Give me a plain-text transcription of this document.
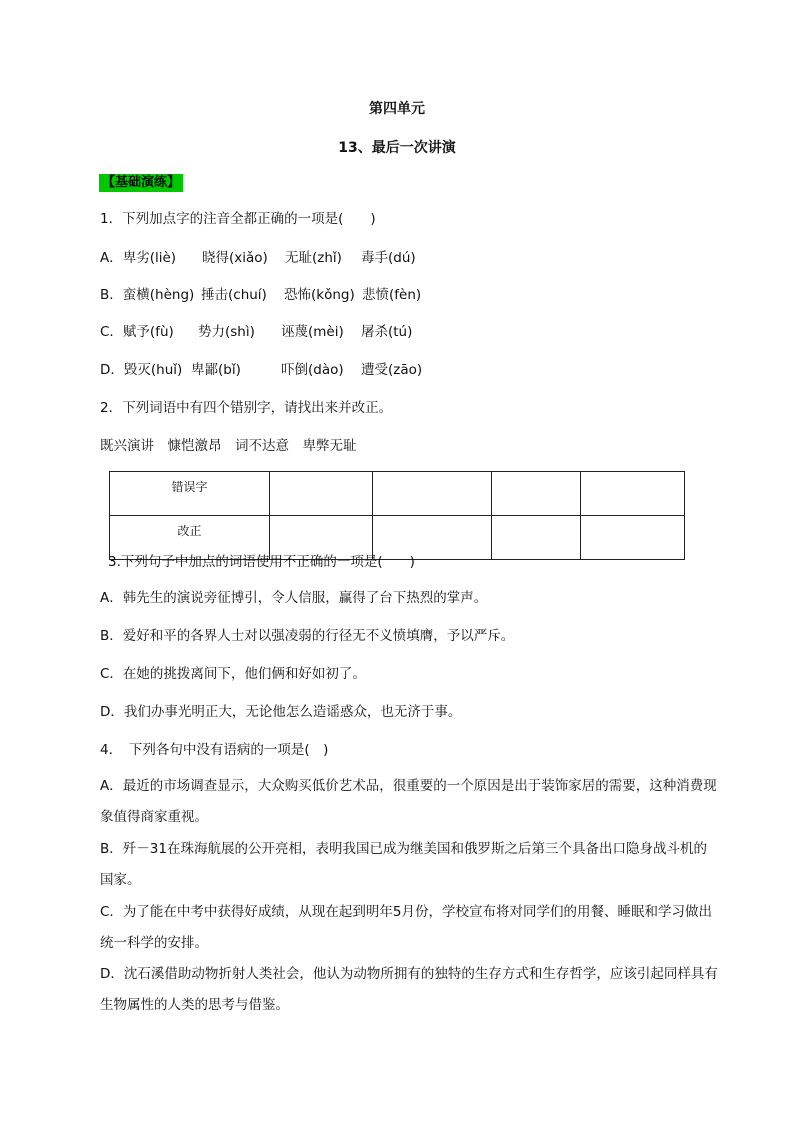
第四单元
13、最后一次讲演
【基础演练】
1．下列加点字的注音全都正确的一项是(　　)
A．卑劣(liè) 晓得(xiǎo) 无耻(zhǐ) 毒手(dú)
B．蛮横(hèng) 捶击(chuí) 恐怖(kǒng) 悲愤(fèn)
C．赋予(fù) 势力(shì) 诬蔑(mèi) 屠杀(tú)
D．毁灭(huǐ) 卑鄙(bǐ)	吓倒(dào) 遭受(zāo)
2．下列词语中有四个错别字，请找出来并改正。
既兴演讲　慷恺激昂　词不达意　卑弊无耻
错误字				
改正				
3.下列句子中加点的词语使用不正确的一项是(　　)
A．韩先生的演说旁征博引，令人信服，赢得了台下热烈的掌声。
B．爱好和平的各界人士对以强凌弱的行径无不义愤填膺，予以严斥。
C．在她的挑拨离间下，他们俩和好如初了。
D．我们办事光明正大，无论他怎么造谣惑众，也无济于事。
4．　下列各句中没有语病的一项是(　)
A．最近的市场调查显示，大众购买低价艺术品，很重要的一个原因是出于装饰家居的需要，这种消费现象值得商家重视。
B．歼－31在珠海航展的公开亮相，表明我国已成为继美国和俄罗斯之后第三个具备出口隐身战斗机的国家。
C．为了能在中考中获得好成绩，从现在起到明年5月份，学校宣布将对同学们的用餐、睡眠和学习做出统一科学的安排。
D．沈石溪借助动物折射人类社会，他认为动物所拥有的独特的生存方式和生存哲学，应该引起同样具有生物属性的人类的思考与借鉴。
